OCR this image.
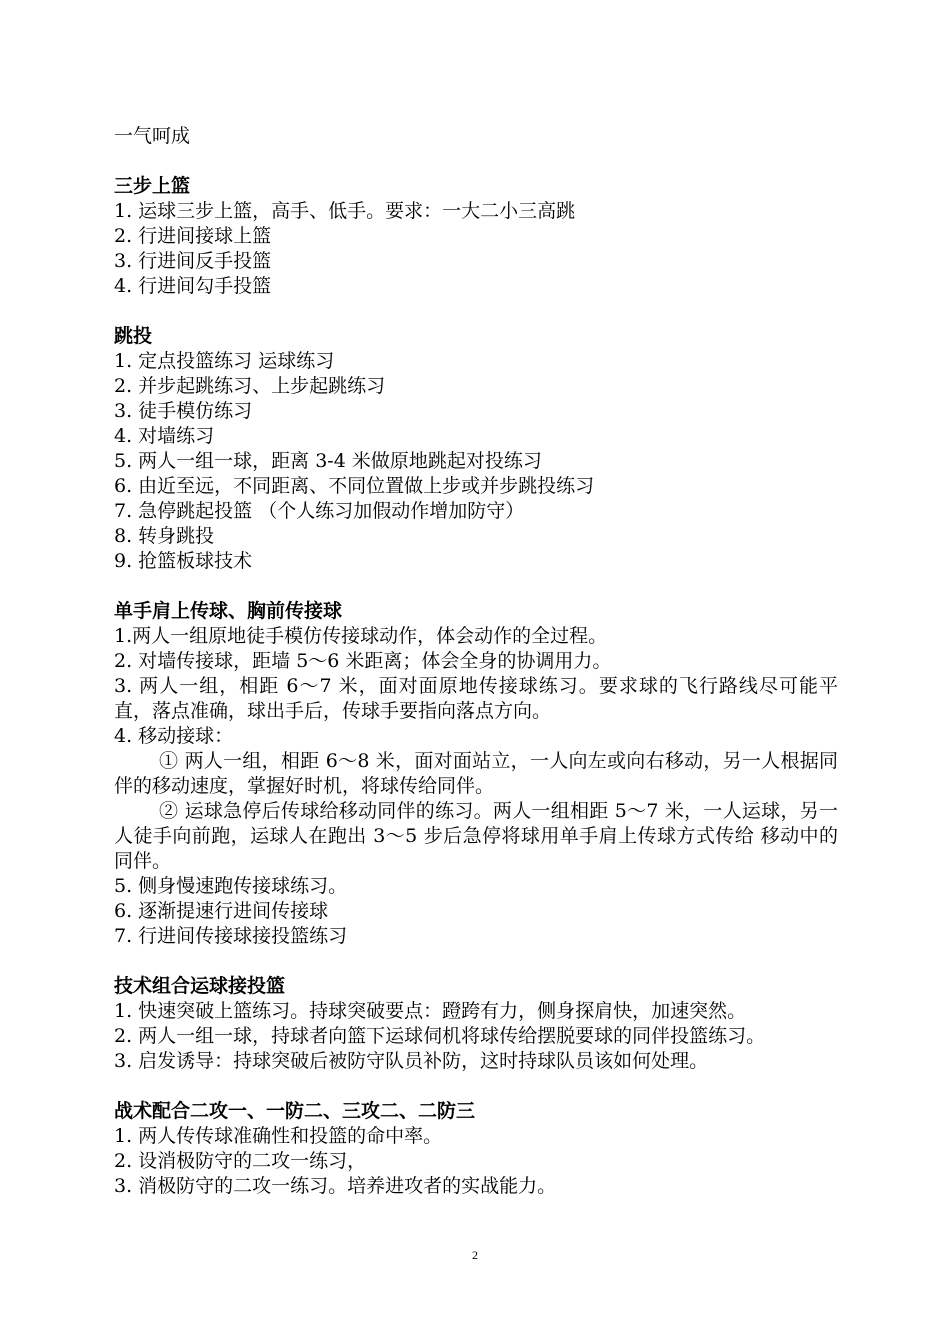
一气呵成
三步上篮
1. 运球三步上篮，高手、低手。要求：一大二小三高跳
2. 行进间接球上篮
3. 行进间反手投篮
4. 行进间勾手投篮
跳投
1. 定点投篮练习 运球练习
2. 并步起跳练习、上步起跳练习
3. 徒手模仿练习
4. 对墙练习
5. 两人一组一球，距离 3-4 米做原地跳起对投练习
6. 由近至远，不同距离、不同位置做上步或并步跳投练习
7. 急停跳起投篮 （个人练习加假动作增加防守）
8. 转身跳投
9. 抢篮板球技术
单手肩上传球、胸前传接球
1.两人一组原地徒手模仿传接球动作，体会动作的全过程。
2. 对墙传接球，距墙 5～6 米距离；体会全身的协调用力。
3. 两人一组，相距 6～7 米，面对面原地传接球练习。要求球的飞行路线尽可能平直，落点准确，球出手后，传球手要指向落点方向。
4. 移动接球：
① 两人一组，相距 6～8 米，面对面站立，一人向左或向右移动，另一人根据同伴的移动速度，掌握好时机，将球传给同伴。
② 运球急停后传球给移动同伴的练习。两人一组相距 5～7 米，一人运球，另一人徒手向前跑，运球人在跑出 3～5 步后急停将球用单手肩上传球方式传给 移动中的同伴。
5. 侧身慢速跑传接球练习。
6. 逐渐提速行进间传接球
7. 行进间传接球接投篮练习
技术组合运球接投篮
1. 快速突破上篮练习。持球突破要点：蹬跨有力，侧身探肩快，加速突然。
2. 两人一组一球，持球者向篮下运球伺机将球传给摆脱要球的同伴投篮练习。
3. 启发诱导：持球突破后被防守队员补防，这时持球队员该如何处理。
战术配合二攻一、一防二、三攻二、二防三
1. 两人传传球准确性和投篮的命中率。
2. 设消极防守的二攻一练习，
3. 消极防守的二攻一练习。培养进攻者的实战能力。
2
